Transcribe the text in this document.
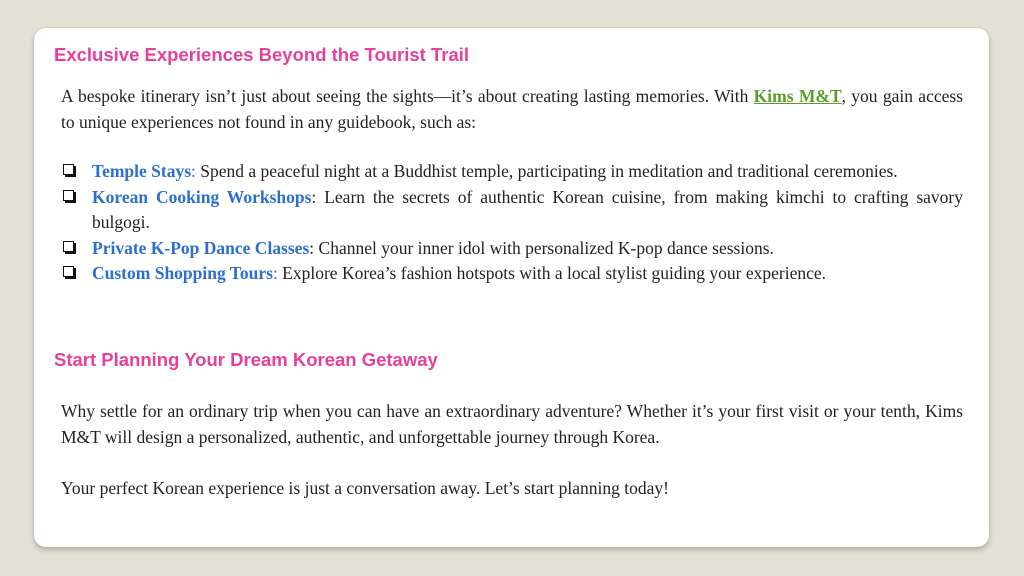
Exclusive Experiences Beyond the Tourist Trail

A bespoke itinerary isn’t just about seeing the sights—it’s about creating lasting memories. With Kims M&T, you gain access to unique experiences not found in any guidebook, such as:

Temple Stays: Spend a peaceful night at a Buddhist temple, participating in meditation and traditional ceremonies.
Korean Cooking Workshops: Learn the secrets of authentic Korean cuisine, from making kimchi to crafting savory bulgogi.
Private K-Pop Dance Classes: Channel your inner idol with personalized K-pop dance sessions.
Custom Shopping Tours: Explore Korea’s fashion hotspots with a local stylist guiding your experience.
Start Planning Your Dream Korean Getaway

Why settle for an ordinary trip when you can have an extraordinary adventure? Whether it’s your first visit or your tenth, Kims M&T will design a personalized, authentic, and unforgettable journey through Korea.

Your perfect Korean experience is just a conversation away. Let’s start planning today!
